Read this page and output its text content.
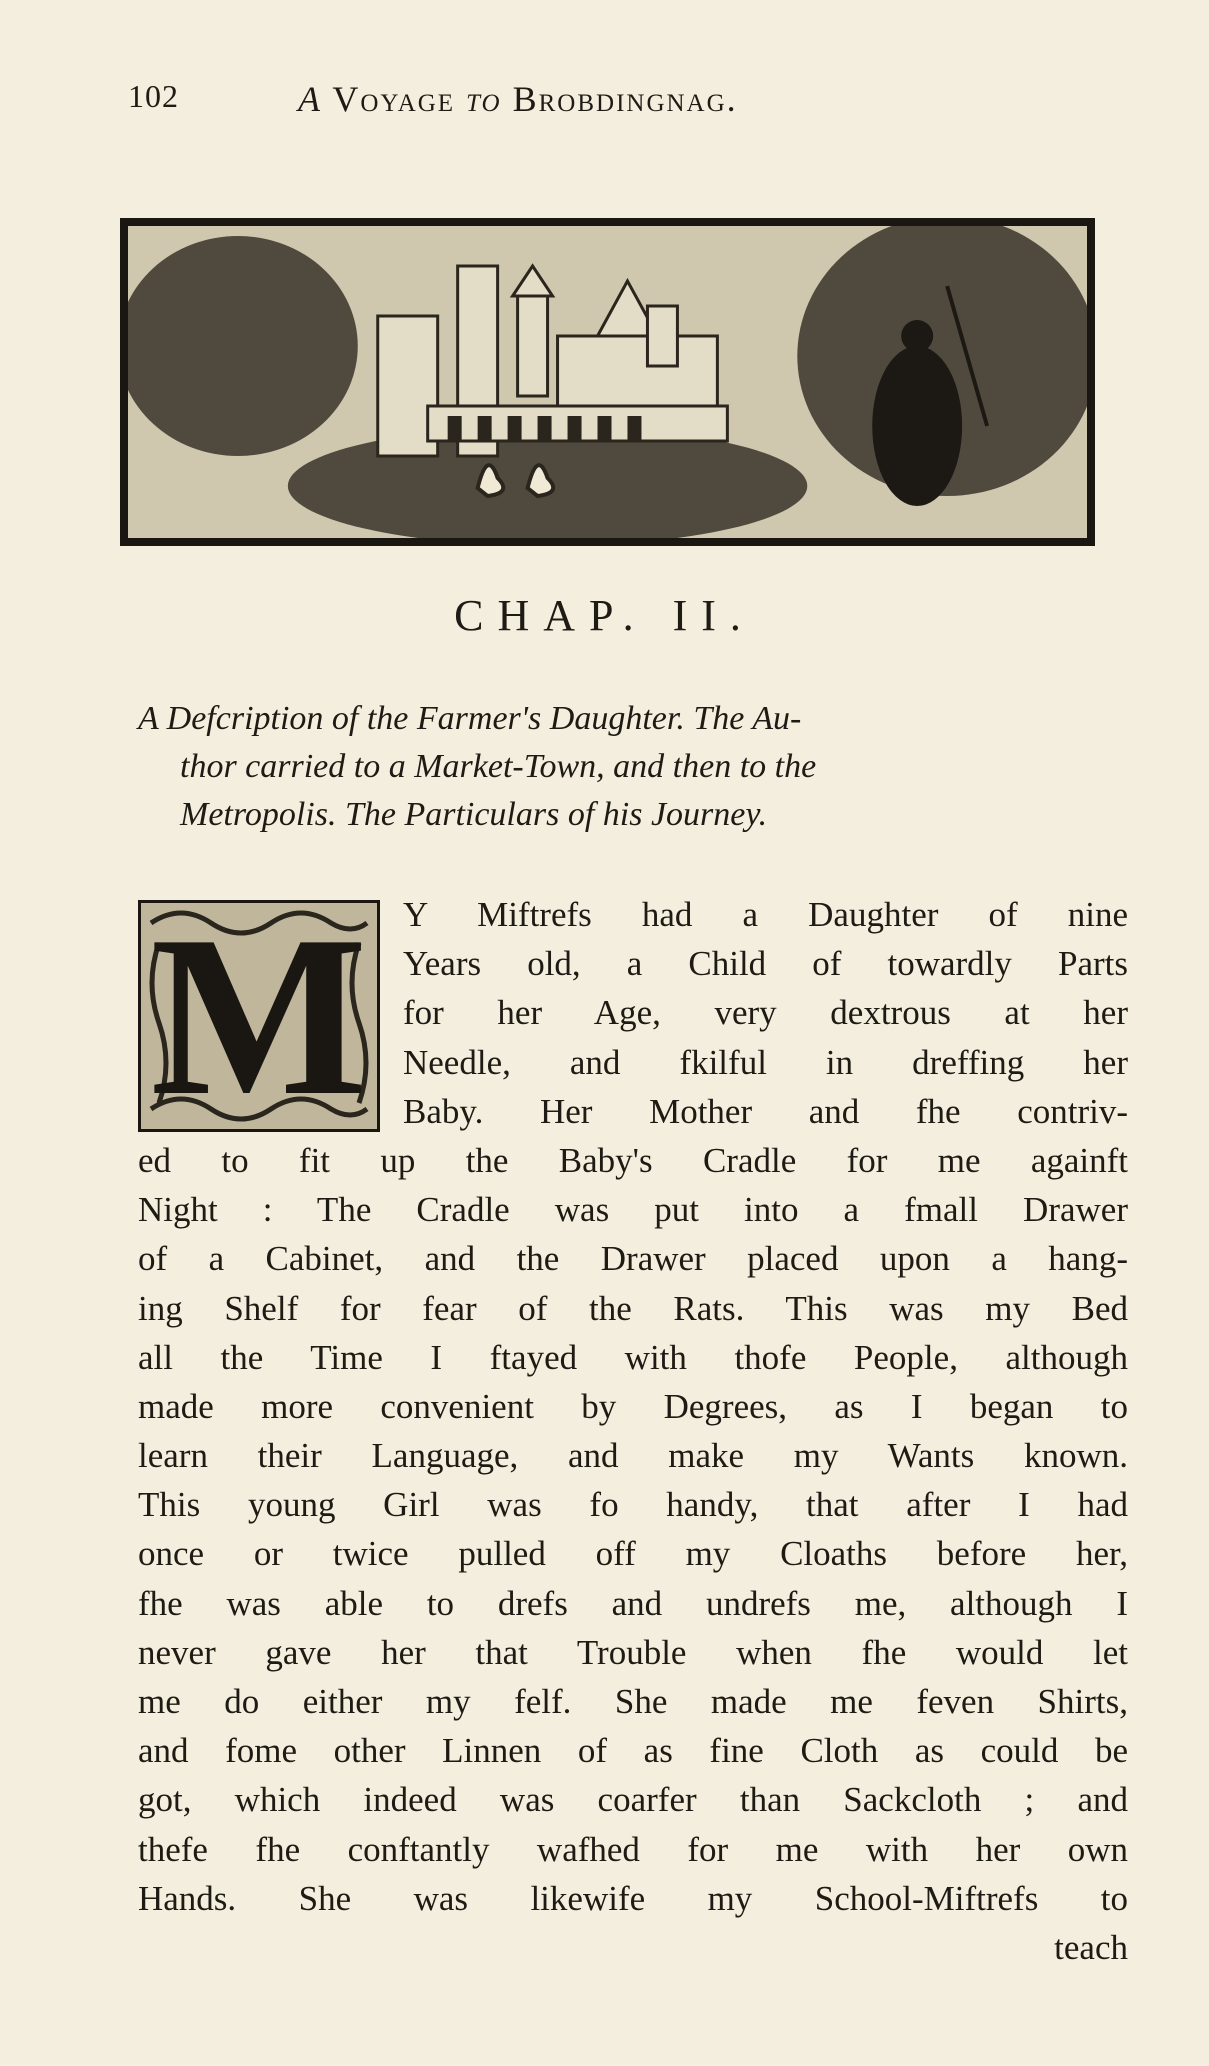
102	A Voyage to Brobdingnag.
CHAP. II.
A Defcription of the Farmer's Daughter. The Au-
thor carried to a Market-Town, and then to the
Metropolis. The Particulars of his Journey.
M	Y Miftrefs had a Daughter of nine
Years old, a Child of towardly Parts
for her Age, very dextrous at her
Needle, and fkilful in dreffing her
Baby. Her Mother and fhe contriv-
ed to fit up the Baby's Cradle for me againft
Night : The Cradle was put into a fmall Drawer
of a Cabinet, and the Drawer placed upon a hang-
ing Shelf for fear of the Rats. This was my Bed
all the Time I ftayed with thofe People, although
made more convenient by Degrees, as I began to
learn their Language, and make my Wants known.
This young Girl was fo handy, that after I had
once or twice pulled off my Cloaths before her,
fhe was able to drefs and undrefs me, although I
never gave her that Trouble when fhe would let
me do either my felf. She made me feven Shirts,
and fome other Linnen of as fine Cloth as could be
got, which indeed was coarfer than Sackcloth ; and
thefe fhe conftantly wafhed for me with her own
Hands. She was likewife my School-Miftrefs to
teach
